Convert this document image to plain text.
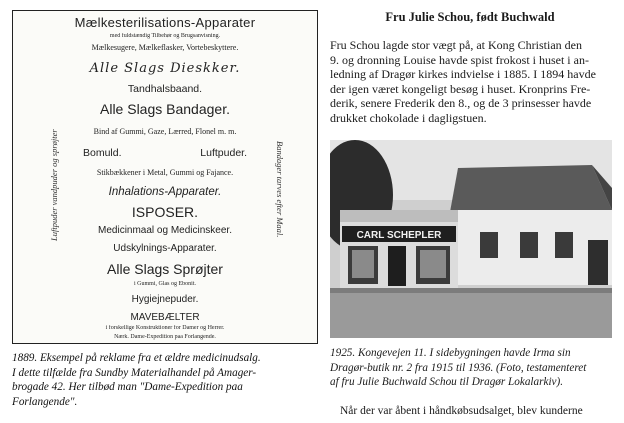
Mælkesterilisations-Apparater
med fuldstændig Tilbehør og Brugsanvisning.
Mælkesugere, Mælkeflasker, Vortebeskyttere.
Alle Slags Dieskker.
Tandhalsbaand.
Alle Slags Bandager.
Bind af Gummi, Gaze, Lærred, Flonel m. m.
Bomuld.	Luftpuder.
Stikbækkener i Metal, Gummi og Fajance.
Inhalations-Apparater.
ISPOSER.
Medicinmaal og Medicinskeer.
Udskylnings-Apparater.
Alle Slags Sprøjter
i Gummi, Glas og Ebonit.
Hygiejnepuder.
MAVEBÆLTER
i forskellige Konstruktioner for Damer og Herrer.
Nærk. Dame-Expedition paa Forlangende.
Luftpuder vandpuder og sprøjter	Bandager tarves efter Maal.
1889. Eksempel på reklame fra et ældre medicinudsalg.
I dette tilfælde fra Sundby Materialhandel på Amager-
brogade 42. Her tilbød man "Dame-Expedition paa
Forlangende".
Fru Julie Schou, født Buchwald
Fru Schou lagde stor vægt på, at Kong Christian den
9. og dronning Louise havde spist frokost i huset i an-
ledning af Dragør kirkes indvielse i 1885. I 1894 havde
der igen været kongeligt besøg i huset. Kronprins Fre-
derik, senere Frederik den 8., og de 3 prinsesser havde
drukket chokolade i dagligstuen.
CARL SCHEPLER
1925. Kongevejen 11. I sidebygningen havde Irma sin
Dragør-butik nr. 2 fra 1915 til 1936. (Foto, testamenteret
af fru Julie Buchwald Schou til Dragør Lokalarkiv).
Når der var åbent i håndkøbsudsalget, blev kunderne
